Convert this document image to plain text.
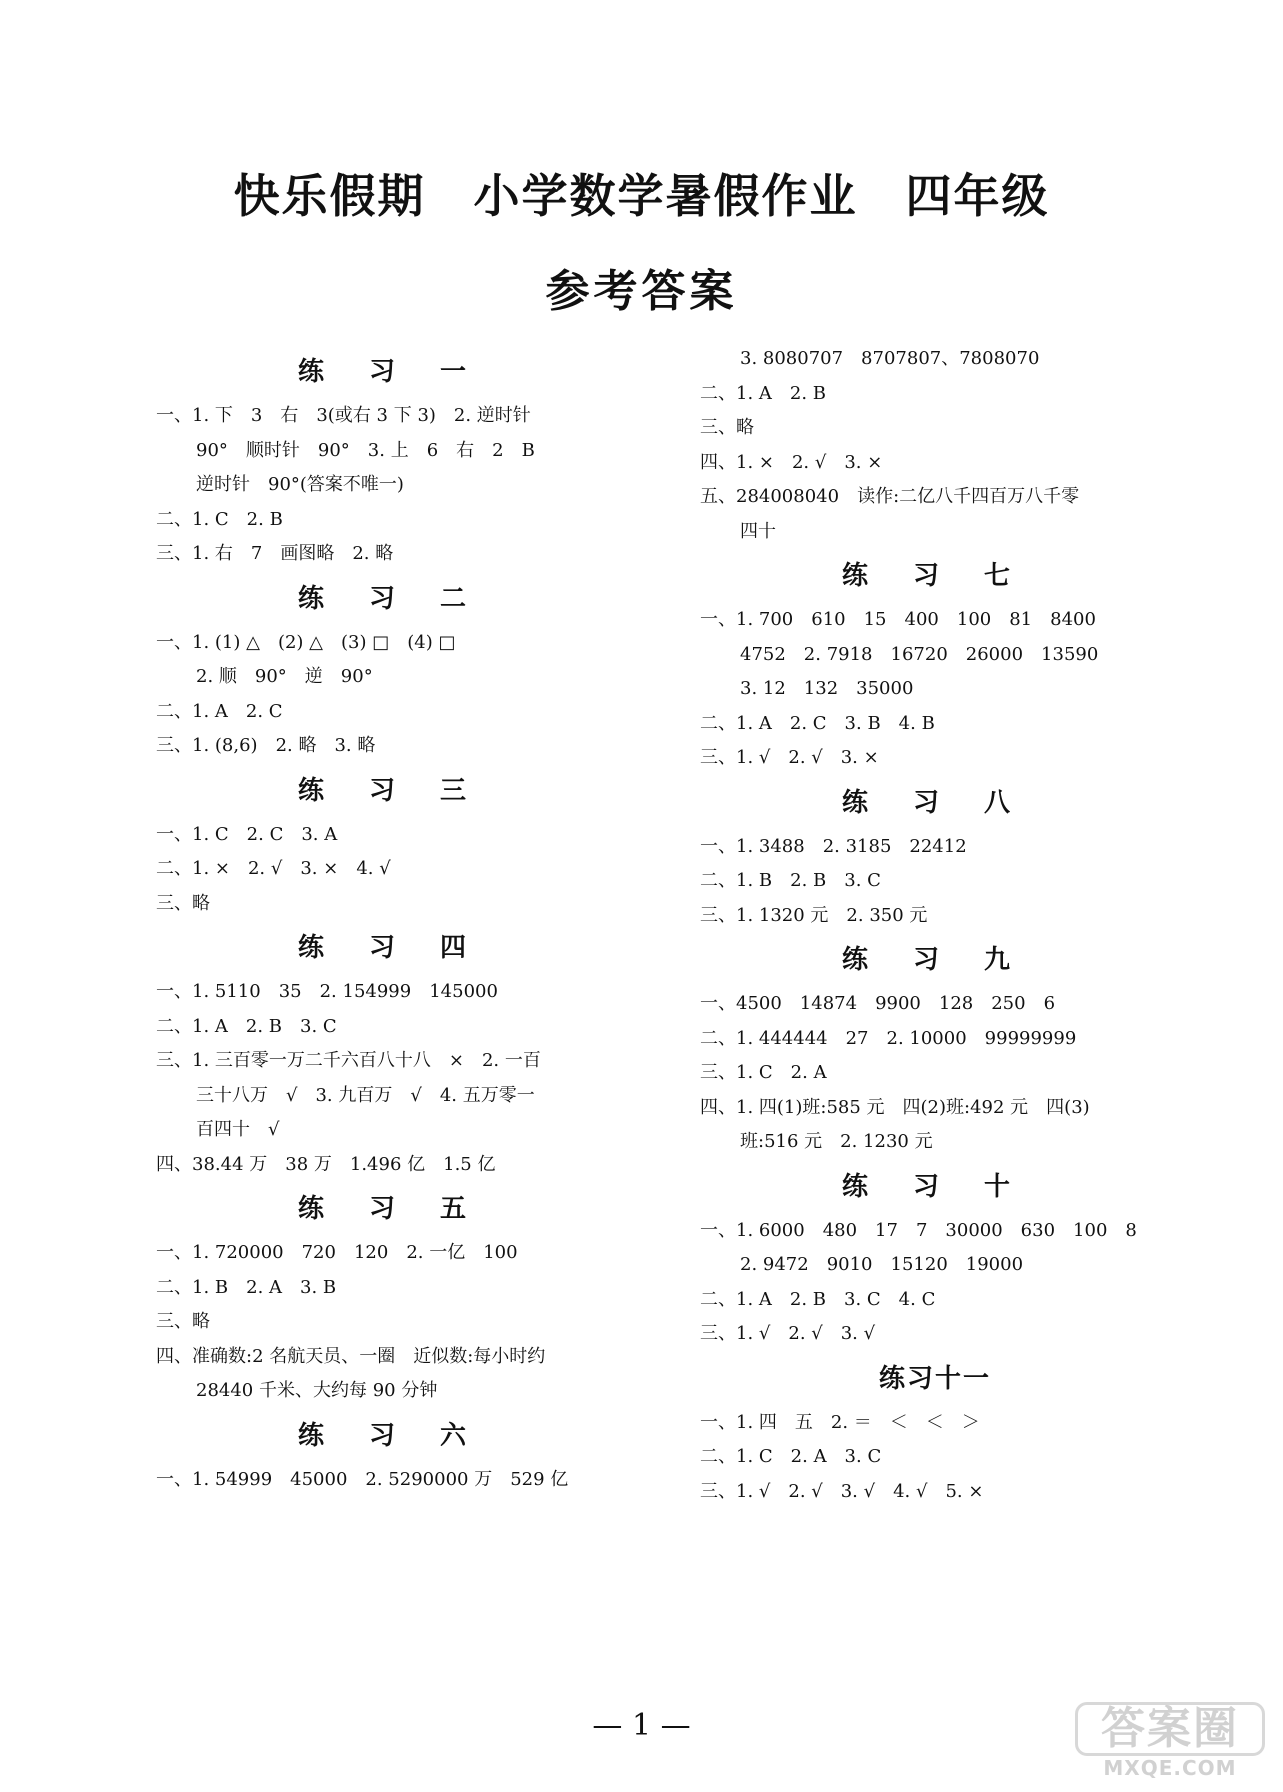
快乐假期　小学数学暑假作业　四年级
参考答案
练 习 一
一、1. 下　3　右　3(或右 3 下 3)　2. 逆时针
90°　顺时针　90°　3. 上　6　右　2　B
逆时针　90°(答案不唯一)
二、1. C　2. B
三、1. 右　7　画图略　2. 略
练 习 二
一、1. (1) △　(2) △　(3) □　(4) □
2. 顺　90°　逆　90°
二、1. A　2. C
三、1. (8,6)　2. 略　3. 略
练 习 三
一、1. C　2. C　3. A
二、1. ×　2. √　3. ×　4. √
三、略
练 习 四
一、1. 5110　35　2. 154999　145000
二、1. A　2. B　3. C
三、1. 三百零一万二千六百八十八　×　2. 一百
三十八万　√　3. 九百万　√　4. 五万零一
百四十　√
四、38.44 万　38 万　1.496 亿　1.5 亿
练 习 五
一、1. 720000　720　120　2. 一亿　100
二、1. B　2. A　3. B
三、略
四、准确数:2 名航天员、一圈　近似数:每小时约
28440 千米、大约每 90 分钟
练 习 六
一、1. 54999　45000　2. 5290000 万　529 亿
3. 8080707　8707807、7808070
二、1. A　2. B
三、略
四、1. ×　2. √　3. ×
五、284008040　读作:二亿八千四百万八千零
四十
练 习 七
一、1. 700　610　15　400　100　81　8400
4752　2. 7918　16720　26000　13590
3. 12　132　35000
二、1. A　2. C　3. B　4. B
三、1. √　2. √　3. ×
练 习 八
一、1. 3488　2. 3185　22412
二、1. B　2. B　3. C
三、1. 1320 元　2. 350 元
练 习 九
一、4500　14874　9900　128　250　6
二、1. 444444　27　2. 10000　99999999
三、1. C　2. A
四、1. 四(1)班:585 元　四(2)班:492 元　四(3)
班:516 元　2. 1230 元
练 习 十
一、1. 6000　480　17　7　30000　630　100　8
2. 9472　9010　15120　19000
二、1. A　2. B　3. C　4. C
三、1. √　2. √　3. √
练习十一
一、1. 四　五　2. ＝　＜　＜　＞
二、1. C　2. A　3. C
三、1. √　2. √　3. √　4. √　5. ×
— 1 —	答案圈
MXQE.COM
